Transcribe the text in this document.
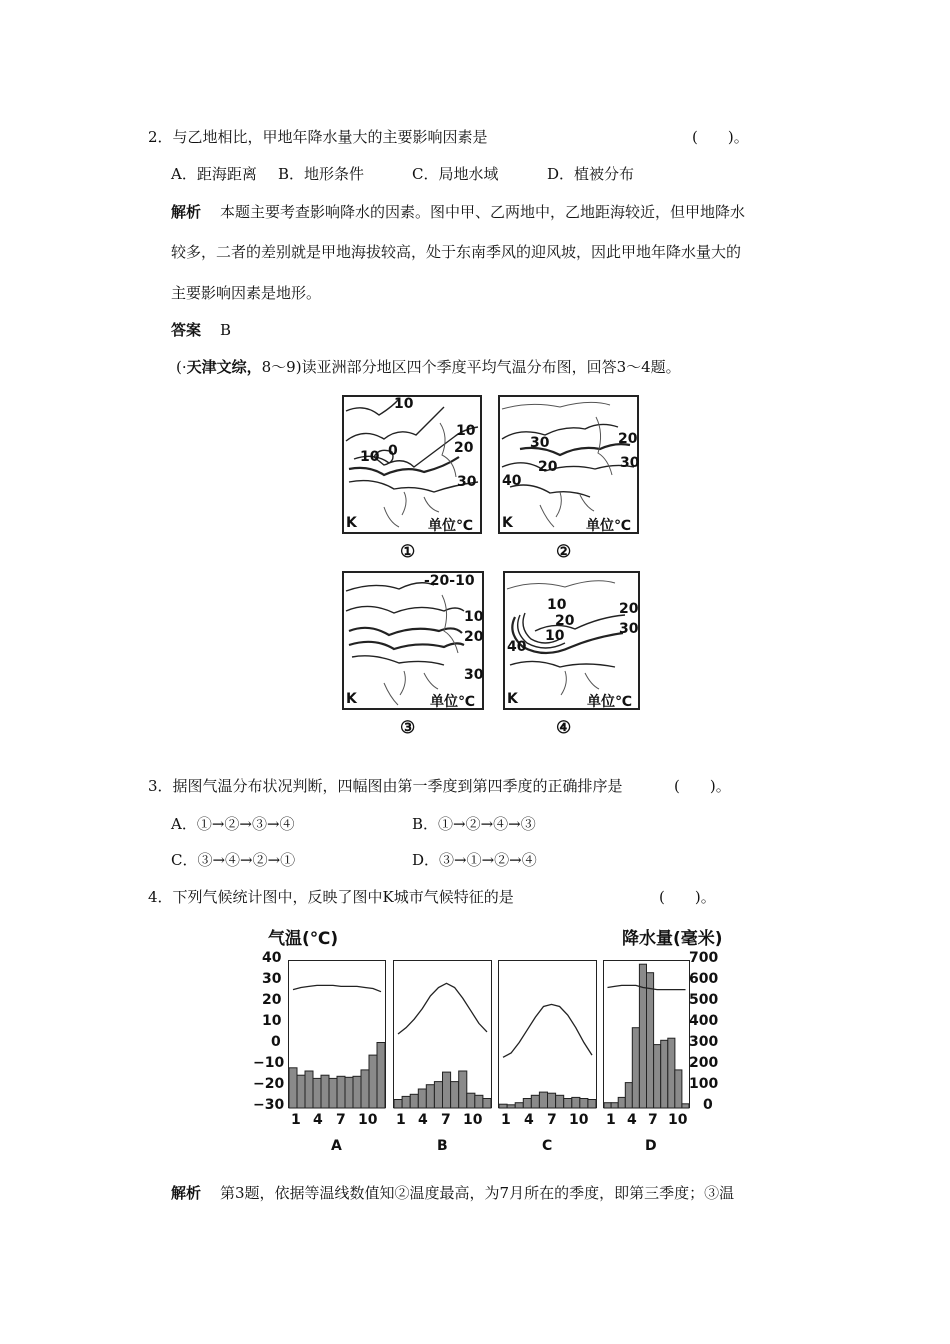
2．与乙地相比，甲地年降水量大的主要影响因素是	(　　)。
A．距海距离 B．地形条件	C．局地水域	D．植被分布
解析 本题主要考查影响降水的因素。图中甲、乙两地中，乙地距海较近，但甲地降水
较多，二者的差别就是甲地海拔较高，处于东南季风的迎风坡，因此甲地年降水量大的
主要影响因素是地形。
答案 B
(·天津文综，8～9)读亚洲部分地区四个季度平均气温分布图，回答3～4题。
10
10
20
10 0
30
K	单位℃
①
30
20
20
30
40
K	单位℃
②
-20-10
10
20
30
K	单位℃
③
10
20
10
20
30
40
K	单位℃
④
3．据图气温分布状况判断，四幅图由第一季度到第四季度的正确排序是	(　　)。
A．①→②→③→④	B．①→②→④→③
C．③→④→②→①	D．③→①→②→④
4．下列气候统计图中，反映了图中K城市气候特征的是	(　　)。
气温(℃)	降水量(毫米)
40
30
20
10
0
−10
−20
−30
700
600
500
400
300
200
100
0
1 4 7 10 1 4 7 10 1 4 7 10 1 4 7 10
A	B	C	D
解析 第3题，依据等温线数值知②温度最高，为7月所在的季度，即第三季度；③温
